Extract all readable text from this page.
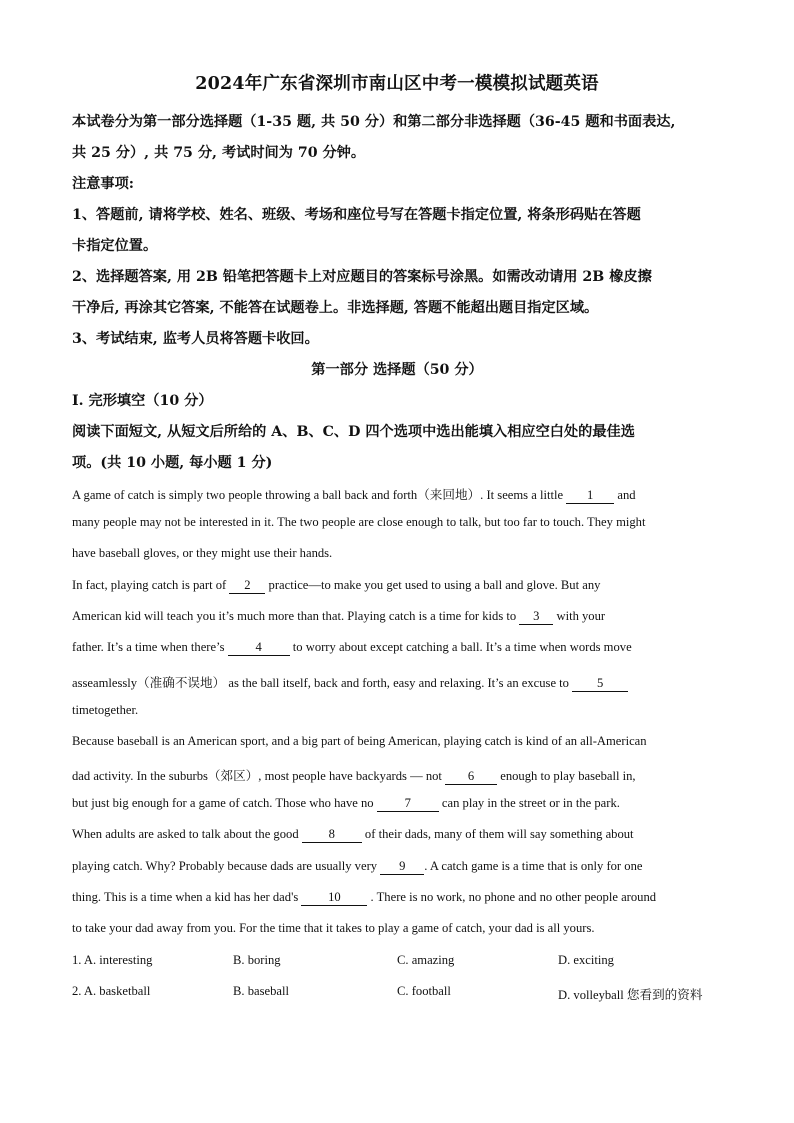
2024年广东省深圳市南山区中考一模模拟试题英语
本试卷分为第一部分选择题（1-35 题, 共 50 分）和第二部分非选择题（36-45 题和书面表达,
共 25 分）, 共 75 分, 考试时间为 70 分钟。
注意事项:
1、答题前, 请将学校、姓名、班级、考场和座位号写在答题卡指定位置, 将条形码贴在答题
卡指定位置。
2、选择题答案, 用 2B 铅笔把答题卡上对应题目的答案标号涂黑。如需改动请用 2B 橡皮擦
干净后, 再涂其它答案, 不能答在试题卷上。非选择题, 答题不能超出题目指定区域。
3、考试结束, 监考人员将答题卡收回。
第一部分 选择题（50 分）
Ⅰ. 完形填空（10 分）
阅读下面短文, 从短文后所给的 A、B、C、D 四个选项中选出能填入相应空白处的最佳选
项。(共 10 小题, 每小题 1 分)
A game of catch is simply two people throwing a ball back and forth（来回地）. It seems a little 1 and
many people may not be interested in it. The two people are close enough to talk, but too far to touch. They might
have baseball gloves, or they might use their hands.
In fact, playing catch is part of 2 practice—to make you get used to using a ball and glove. But any
American kid will teach you it’s much more than that. Playing catch is a time for kids to 3 with your
father. It’s a time when there’s 4 to worry about except catching a ball. It’s a time when words move
asseamlessly（准确不误地） as the ball itself, back and forth, easy and relaxing. It’s an excuse to 5
timetogether.
Because baseball is an American sport, and a big part of being American, playing catch is kind of an all-American
dad activity. In the suburbs（郊区）, most people have backyards — not 6 enough to play baseball in,
but just big enough for a game of catch. Those who have no 7 can play in the street or in the park.
When adults are asked to talk about the good 8 of their dads, many of them will say something about
playing catch. Why? Probably because dads are usually very 9 . A catch game is a time that is only for one
thing. This is a time when a kid has her dad's 10 . There is no work, no phone and no other people around
to take your dad away from you. For the time that it takes to play a game of catch, your dad is all yours.
1. A. interesting	B. boring	C. amazing	D. exciting
2. A. basketball	B. baseball	C. football	D. volleyball 您看到的资料
